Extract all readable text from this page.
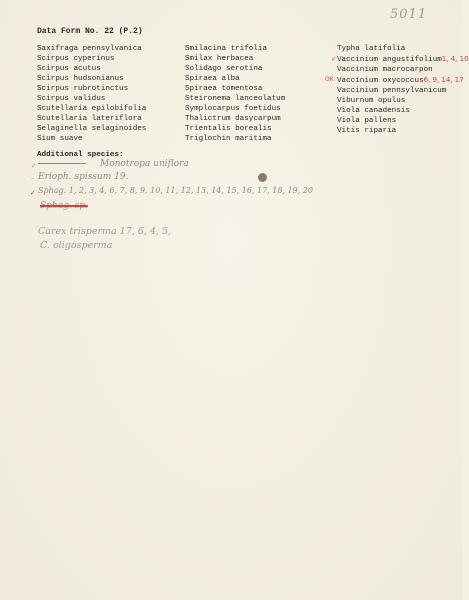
5011
Data Form No. 22 (P.2)
Saxifraga pennsylvanica
Scirpus cyperinus
Scirpus acutus
Scirpus hudsonianus
Scirpus rubrotinctus
Scirpus validus
Scutellaria epilobifolia
Scutellaria lateriflora
Selaginella selaginoides
Sium suave
Smilacina trifolia
Smilax herbacea
Solidago serotina
Spiraea alba
Spiraea tomentosa
Steironema lanceolatum
Symplocarpus foetidus
Thalictrum dasycarpum
Trientalis borealis
Triglochin maritima
Typha latifolia
✓ Vaccinium angustifolium1, 4, 10
Vaccinium macrocarpon
OK Vaccinium oxycoccus6, 9, 14, 17
Vaccinium pennsylvanicum
Viburnum opulus
Viola canadensis
Viola pallens
Vitis riparia
Additional species:
✓	Monotropa uniflora
- Erioph. spissum 19.
✓ Sphag. 1, 2, 3, 4, 6, 7, 8, 9, 10, 11, 12, 13, 14, 15, 16, 17, 18, 19, 20
Sphag. sp.
Carex trisperma 17, 6, 4, 5,
C. oligosperma
